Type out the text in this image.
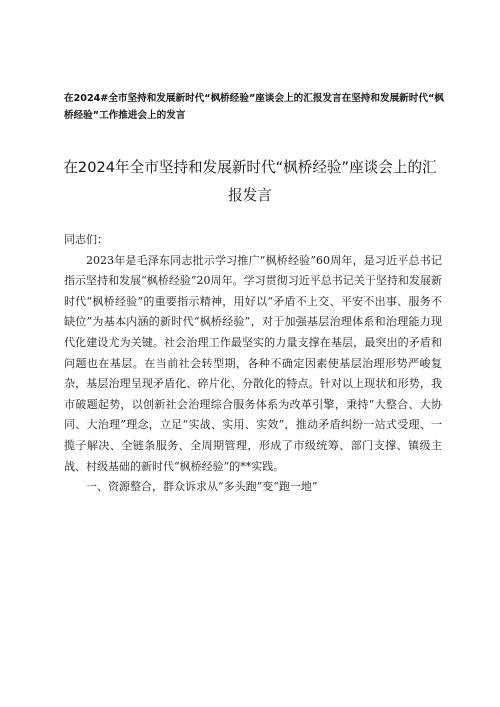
在2024#全市坚持和发展新时代“枫桥经验”座谈会上的汇报发言在坚持和发展新时代“枫桥经验”工作推进会上的发言
在2024年全市坚持和发展新时代“枫桥经验”座谈会上的汇报发言

同志们：

2023年是毛泽东同志批示学习推广“枫桥经验”60周年，是习近平总书记指示坚持和发展“枫桥经验”20周年。学习贯彻习近平总书记关于坚持和发展新时代“枫桥经验”的重要指示精神，用好以“矛盾不上交、平安不出事、服务不缺位”为基本内涵的新时代“枫桥经验”，对于加强基层治理体系和治理能力现代化建设尤为关键。社会治理工作最坚实的力量支撑在基层，最突出的矛盾和问题也在基层。在当前社会转型期，各种不确定因素使基层治理形势严峻复杂，基层治理呈现矛盾化、碎片化、分散化的特点。针对以上现状和形势，我市破题起势，以创新社会治理综合服务体系为改革引擎，秉持“大整合、大协同、大治理”理念，立足“实战、实用、实效”，推动矛盾纠纷一站式受理、一揽子解决、全链条服务、全周期管理，形成了市级统筹、部门支撑、镇级主战、村级基础的新时代“枫桥经验”的**实践。

一、资源整合，群众诉求从“多头跑”变“跑一地”
